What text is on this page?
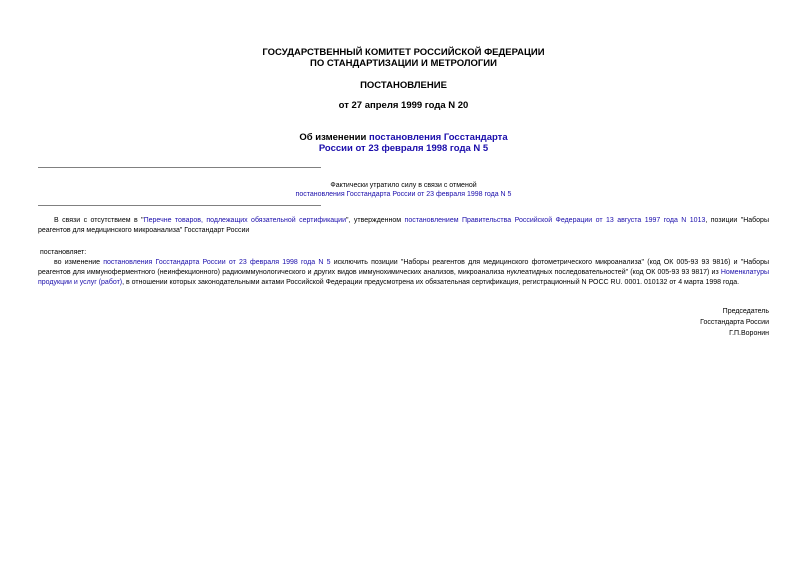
ГОСУДАРСТВЕННЫЙ КОМИТЕТ РОССИЙСКОЙ ФЕДЕРАЦИИ
ПО СТАНДАРТИЗАЦИИ И МЕТРОЛОГИИ
ПОСТАНОВЛЕНИЕ
от 27 апреля 1999 года N 20
Об изменении постановления Госстандарта
России от 23 февраля 1998 года N 5
Фактически утратило силу в связи с отменой
постановления Госстандарта России от 23 февраля 1998 года N 5
В связи с отсутствием в "Перечне товаров, подлежащих обязательной сертификации", утвержденном постановлением Правительства Российской Федерации от 13 августа 1997 года N 1013, позиции "Наборы реагентов для медицинского микроанализа" Госстандарт России
постановляет:
во изменение постановления Госстандарта России от 23 февраля 1998 года N 5 исключить позиции "Наборы реагентов для медицинского фотометрического микроанализа" (код ОК 005-93 93 9816) и "Наборы реагентов для иммуноферментного (неинфекционного) радиоиммунологического и других видов иммунохимических анализов, микроанализа нуклеатидных последовательностей" (код ОК 005-93 93 9817) из Номенклатуры продукции и услуг (работ), в отношении которых законодательными актами Российской Федерации предусмотрена их обязательная сертификация, регистрационный N РОСС RU. 0001. 010132 от 4 марта 1998 года.
Председатель
Госстандарта России
Г.П.Воронин
